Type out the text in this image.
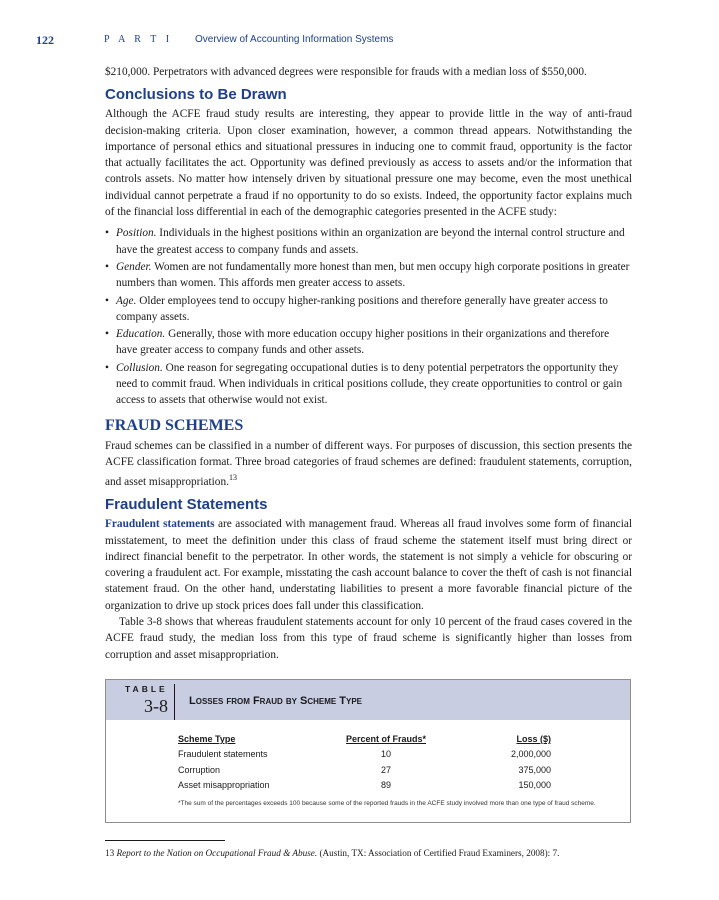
122	P A R T I Overview of Accounting Information Systems

$210,000. Perpetrators with advanced degrees were responsible for frauds with a median loss of $550,000.

Conclusions to Be Drawn

Although the ACFE fraud study results are interesting, they appear to provide little in the way of anti-fraud decision-making criteria. Upon closer examination, however, a common thread appears. Notwithstanding the importance of personal ethics and situational pressures in inducing one to commit fraud, opportunity is the factor that actually facilitates the act. Opportunity was defined previously as access to assets and/or the information that controls assets. No matter how intensely driven by situational pressure one may become, even the most unethical individual cannot perpetrate a fraud if no opportunity to do so exists. Indeed, the opportunity factor explains much of the financial loss differential in each of the demographic categories presented in the ACFE study:

• Position. Individuals in the highest positions within an organization are beyond the internal control structure and have the greatest access to company funds and assets.
• Gender. Women are not fundamentally more honest than men, but men occupy high corporate positions in greater numbers than women. This affords men greater access to assets.
• Age. Older employees tend to occupy higher-ranking positions and therefore generally have greater access to company assets.
• Education. Generally, those with more education occupy higher positions in their organizations and therefore have greater access to company funds and other assets.
• Collusion. One reason for segregating occupational duties is to deny potential perpetrators the opportunity they need to commit fraud. When individuals in critical positions collude, they create opportunities to control or gain access to assets that otherwise would not exist.
FRAUD SCHEMES

Fraud schemes can be classified in a number of different ways. For purposes of discussion, this section presents the ACFE classification format. Three broad categories of fraud schemes are defined: fraudulent statements, corruption, and asset misappropriation.$^{13}$

Fraudulent Statements

Fraudulent statements are associated with management fraud. Whereas all fraud involves some form of financial misstatement, to meet the definition under this class of fraud scheme the statement itself must bring direct or indirect financial benefit to the perpetrator. In other words, the statement is not simply a vehicle for obscuring or covering a fraudulent act. For example, misstating the cash account balance to cover the theft of cash is not financial statement fraud. On the other hand, understating liabilities to present a more favorable financial picture of the organization to drive up stock prices does fall under this classification.

Table 3-8 shows that whereas fraudulent statements account for only 10 percent of the fraud cases covered in the ACFE fraud study, the median loss from this type of fraud scheme is significantly higher than losses from corruption and asset misappropriation.

TABLE
3-8 Losses from Fraud by Scheme Type
Scheme Type	Percent of Frauds*	Loss ($)
Fraudulent statements	10	2,000,000
Corruption	27	375,000
Asset misappropriation	89	150,000

*The sum of the percentages exceeds 100 because some of the reported frauds in the ACFE study involved more than one type of fraud scheme.

13 Report to the Nation on Occupational Fraud & Abuse. (Austin, TX: Association of Certified Fraud Examiners, 2008): 7.
